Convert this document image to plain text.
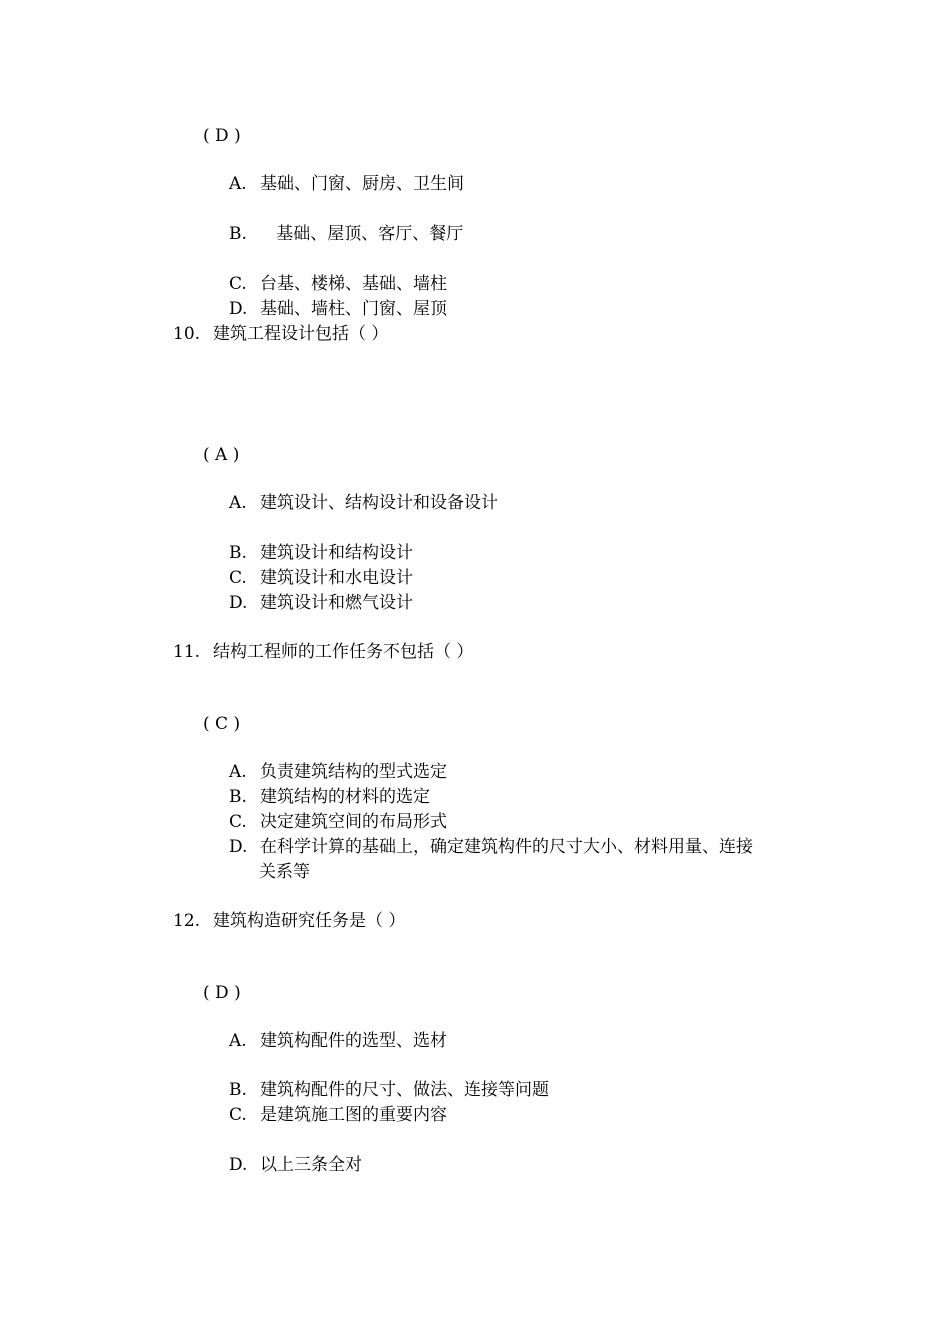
( D )
A. 基础、门窗、厨房、卫生间
B.   基础、屋顶、客厅、餐厅
C. 台基、楼梯、基础、墙柱
D. 基础、墙柱、门窗、屋顶
10. 建筑工程设计包括（ ）
( A )
A. 建筑设计、结构设计和设备设计
B. 建筑设计和结构设计
C. 建筑设计和水电设计
D. 建筑设计和燃气设计
11. 结构工程师的工作任务不包括（ ）
( C )
A. 负责建筑结构的型式选定
B. 建筑结构的材料的选定
C. 决定建筑空间的布局形式
D. 在科学计算的基础上，确定建筑构件的尺寸大小、材料用量、连接
关系等
12. 建筑构造研究任务是（ ）
( D )
A. 建筑构配件的选型、选材
B. 建筑构配件的尺寸、做法、连接等问题
C. 是建筑施工图的重要内容
D. 以上三条全对
